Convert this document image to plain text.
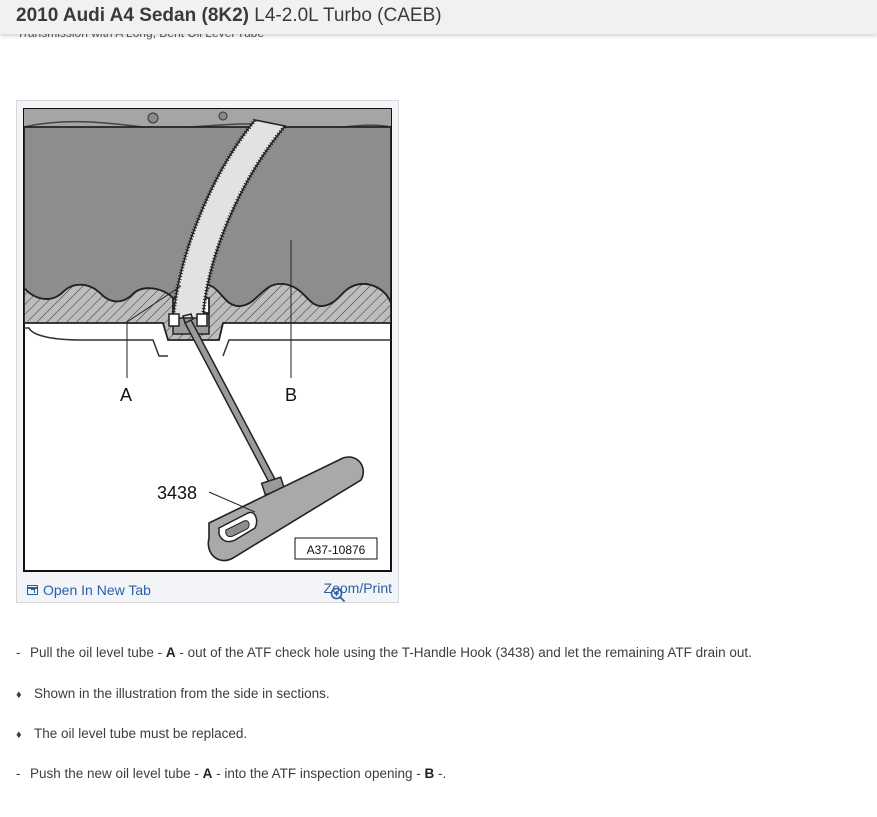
2010 Audi A4 Sedan (8K2) L4-2.0L Turbo (CAEB)
A	B
3438
A37-10876
Open In New Tab	Zoom/Print
- Pull the oil level tube - A - out of the ATF check hole using the T-Handle Hook (3438) and let the remaining ATF drain out.
♦ Shown in the illustration from the side in sections.
♦ The oil level tube must be replaced.
- Push the new oil level tube - A - into the ATF inspection opening - B -.
